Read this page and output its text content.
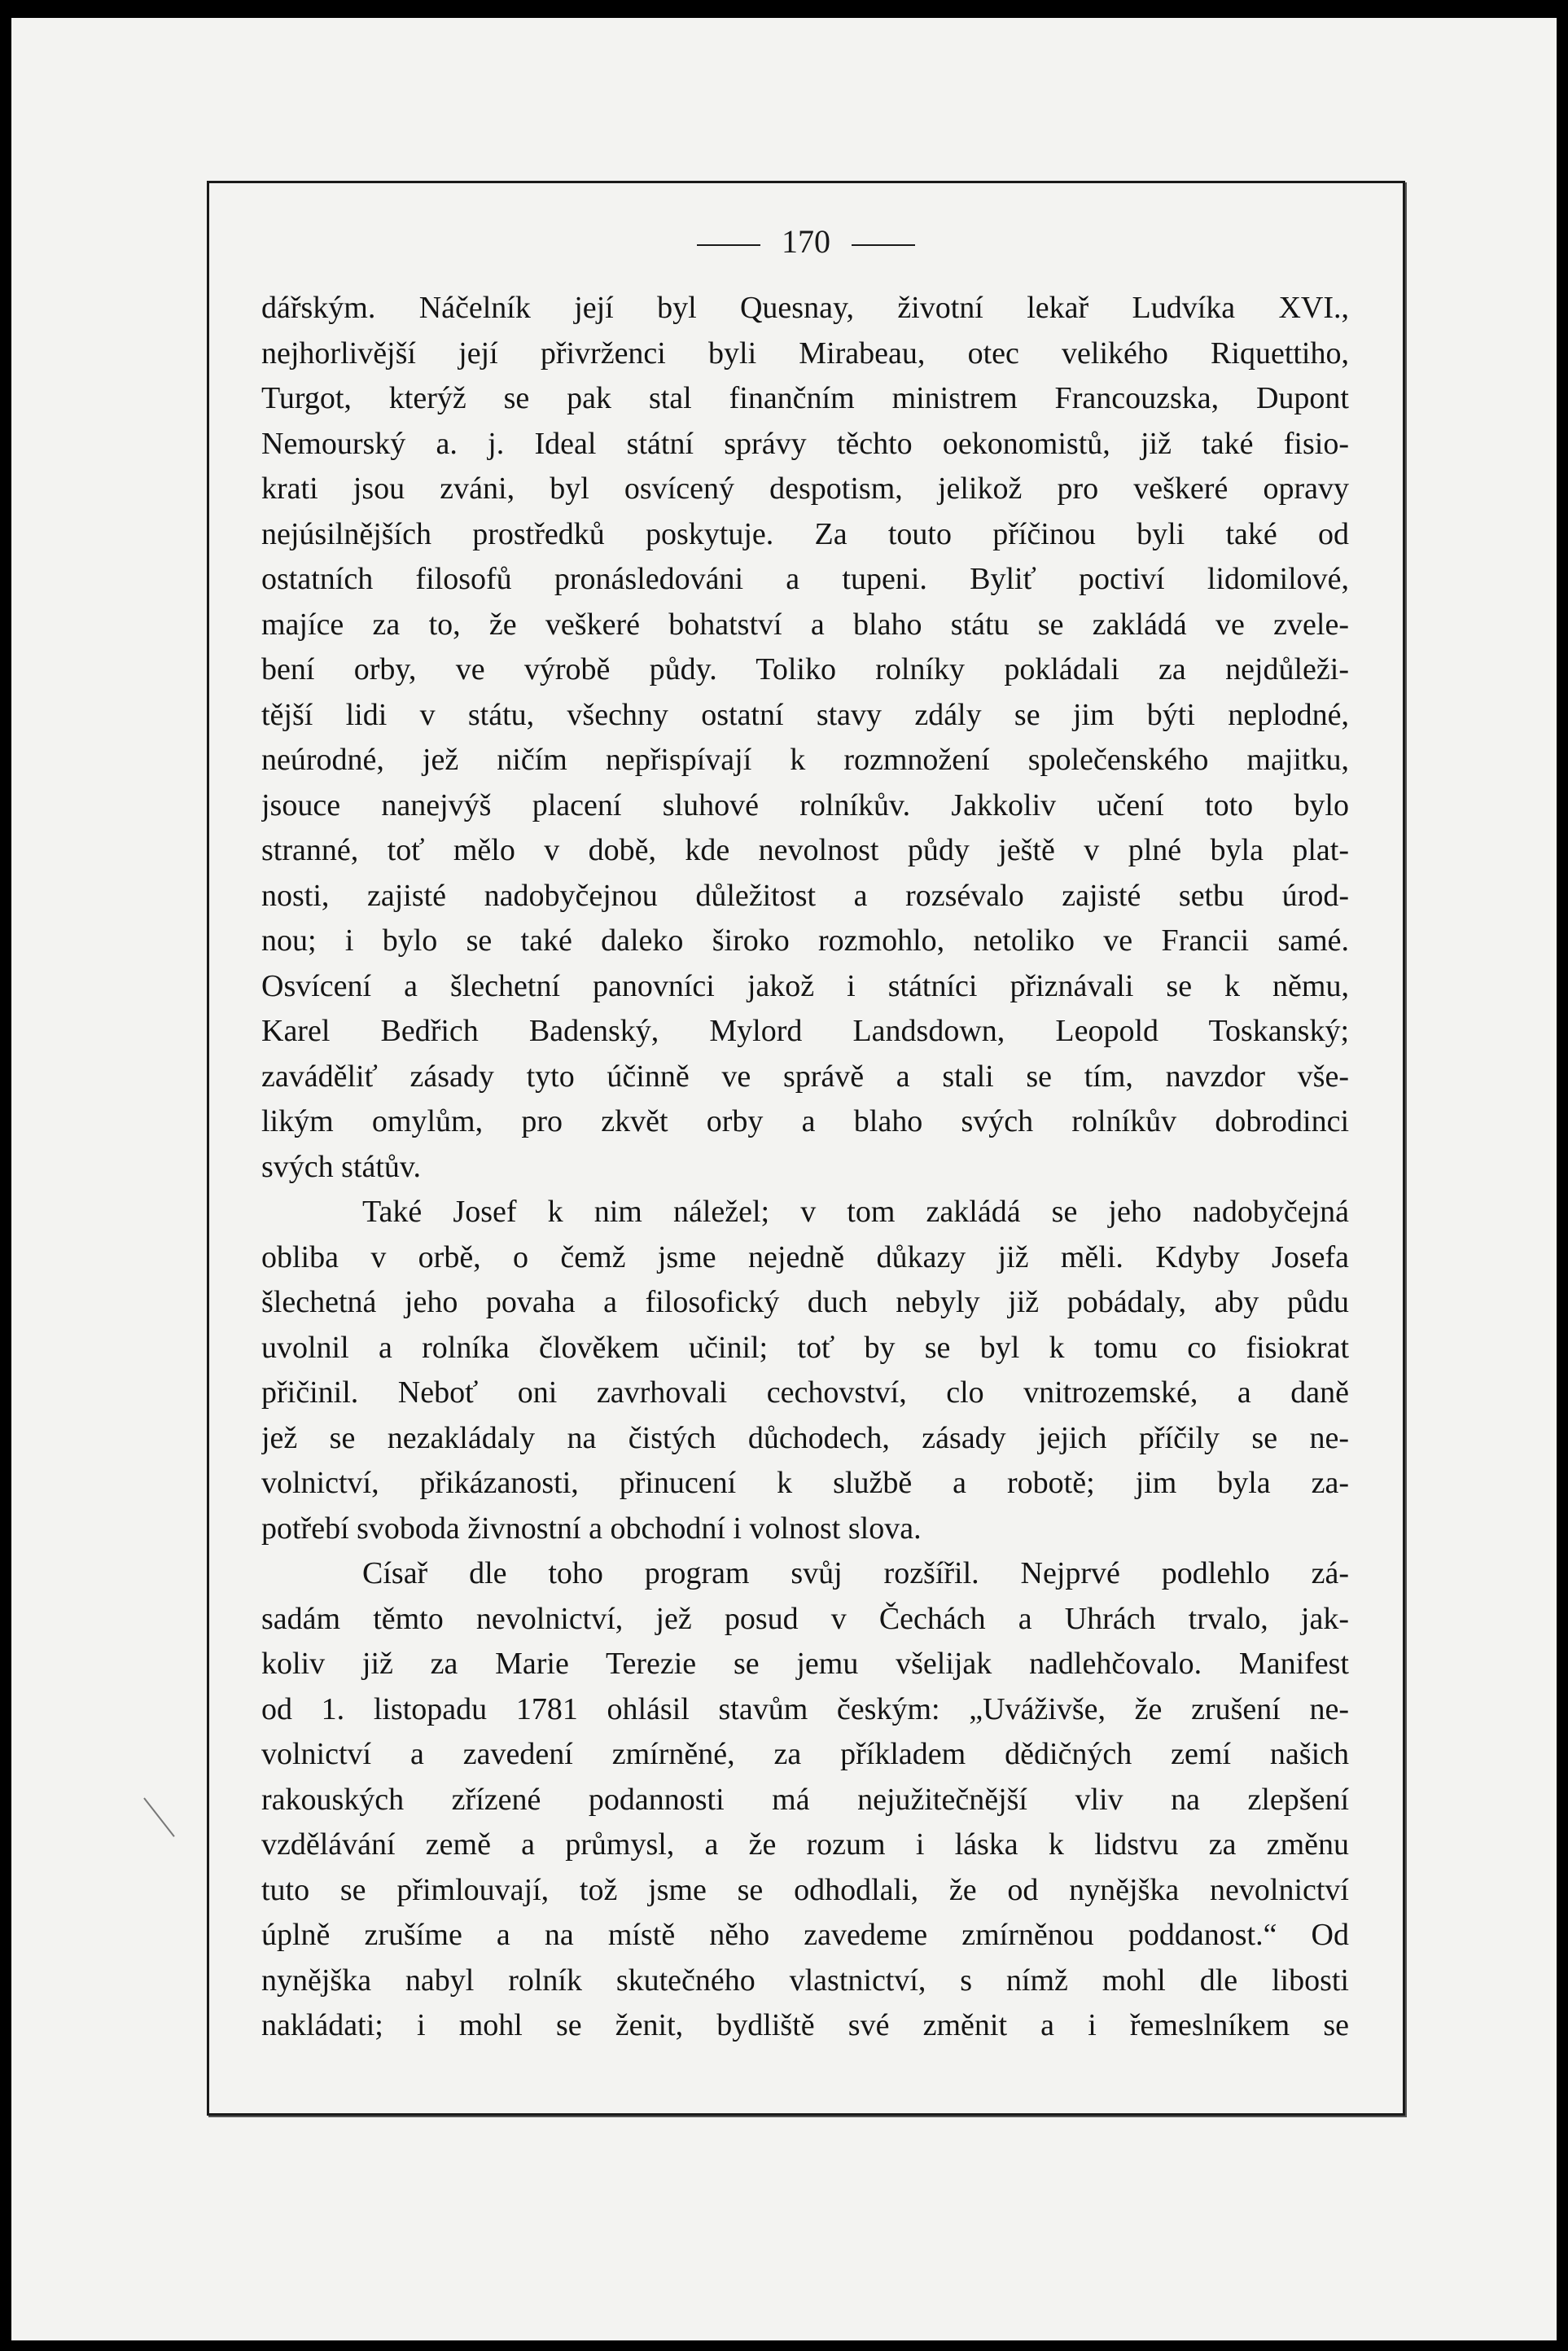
170
dářským. Náčelník její byl Quesnay, životní lekař Ludvíka XVI.,
nejhorlivější její přivrženci byli Mirabeau, otec velikého Riquettiho,
Turgot, kterýž se pak stal finančním ministrem Francouzska, Dupont
Nemourský a. j. Ideal státní správy těchto oekonomistů, již také fisio-
krati jsou zváni, byl osvícený despotism, jelikož pro veškeré opravy
nejúsilnějších prostředků poskytuje. Za touto příčinou byli také od
ostatních filosofů pronásledováni a tupeni. Byliť poctiví lidomilové,
majíce za to, že veškeré bohatství a blaho státu se zakládá ve zvele-
bení orby, ve výrobě půdy. Toliko rolníky pokládali za nejdůleži-
tější lidi v státu, všechny ostatní stavy zdály se jim býti neplodné,
neúrodné, jež ničím nepřispívají k rozmnožení společenského majitku,
jsouce nanejvýš placení sluhové rolníkův. Jakkoliv učení toto bylo
stranné, toť mělo v době, kde nevolnost půdy ještě v plné byla plat-
nosti, zajisté nadobyčejnou důležitost a rozsévalo zajisté setbu úrod-
nou; i bylo se také daleko široko rozmohlo, netoliko ve Francii samé.
Osvícení a šlechetní panovníci jakož i státníci přiznávali se k němu,
Karel Bedřich Badenský, Mylord Landsdown, Leopold Toskanský;
zaváděliť zásady tyto účinně ve správě a stali se tím, navzdor vše-
likým omylům, pro zkvět orby a blaho svých rolníkův dobrodinci
svých státův.
Také Josef k nim náležel; v tom zakládá se jeho nadobyčejná
obliba v orbě, o čemž jsme nejedně důkazy již měli. Kdyby Josefa
šlechetná jeho povaha a filosofický duch nebyly již pobádaly, aby půdu
uvolnil a rolníka člověkem učinil; toť by se byl k tomu co fisiokrat
přičinil. Neboť oni zavrhovali cechovství, clo vnitrozemské, a daně
jež se nezakládaly na čistých důchodech, zásady jejich příčily se ne-
volnictví, přikázanosti, přinucení k službě a robotě; jim byla za-
potřebí svoboda živnostní a obchodní i volnost slova.
Císař dle toho program svůj rozšířil. Nejprvé podlehlo zá-
sadám těmto nevolnictví, jež posud v Čechách a Uhrách trvalo, jak-
koliv již za Marie Terezie se jemu všelijak nadlehčovalo. Manifest
od 1. listopadu 1781 ohlásil stavům českým: „Uváživše, že zrušení ne-
volnictví a zavedení zmírněné, za příkladem dědičných zemí našich
rakouských zřízené podannosti má nejužitečnější vliv na zlepšení
vzdělávání země a průmysl, a že rozum i láska k lidstvu za změnu
tuto se přimlouvají, tož jsme se odhodlali, že od nynějška nevolnictví
úplně zrušíme a na místě něho zavedeme zmírněnou poddanost.“ Od
nynějška nabyl rolník skutečného vlastnictví, s nímž mohl dle libosti
nakládati; i mohl se ženit, bydliště své změnit a i řemeslníkem se
